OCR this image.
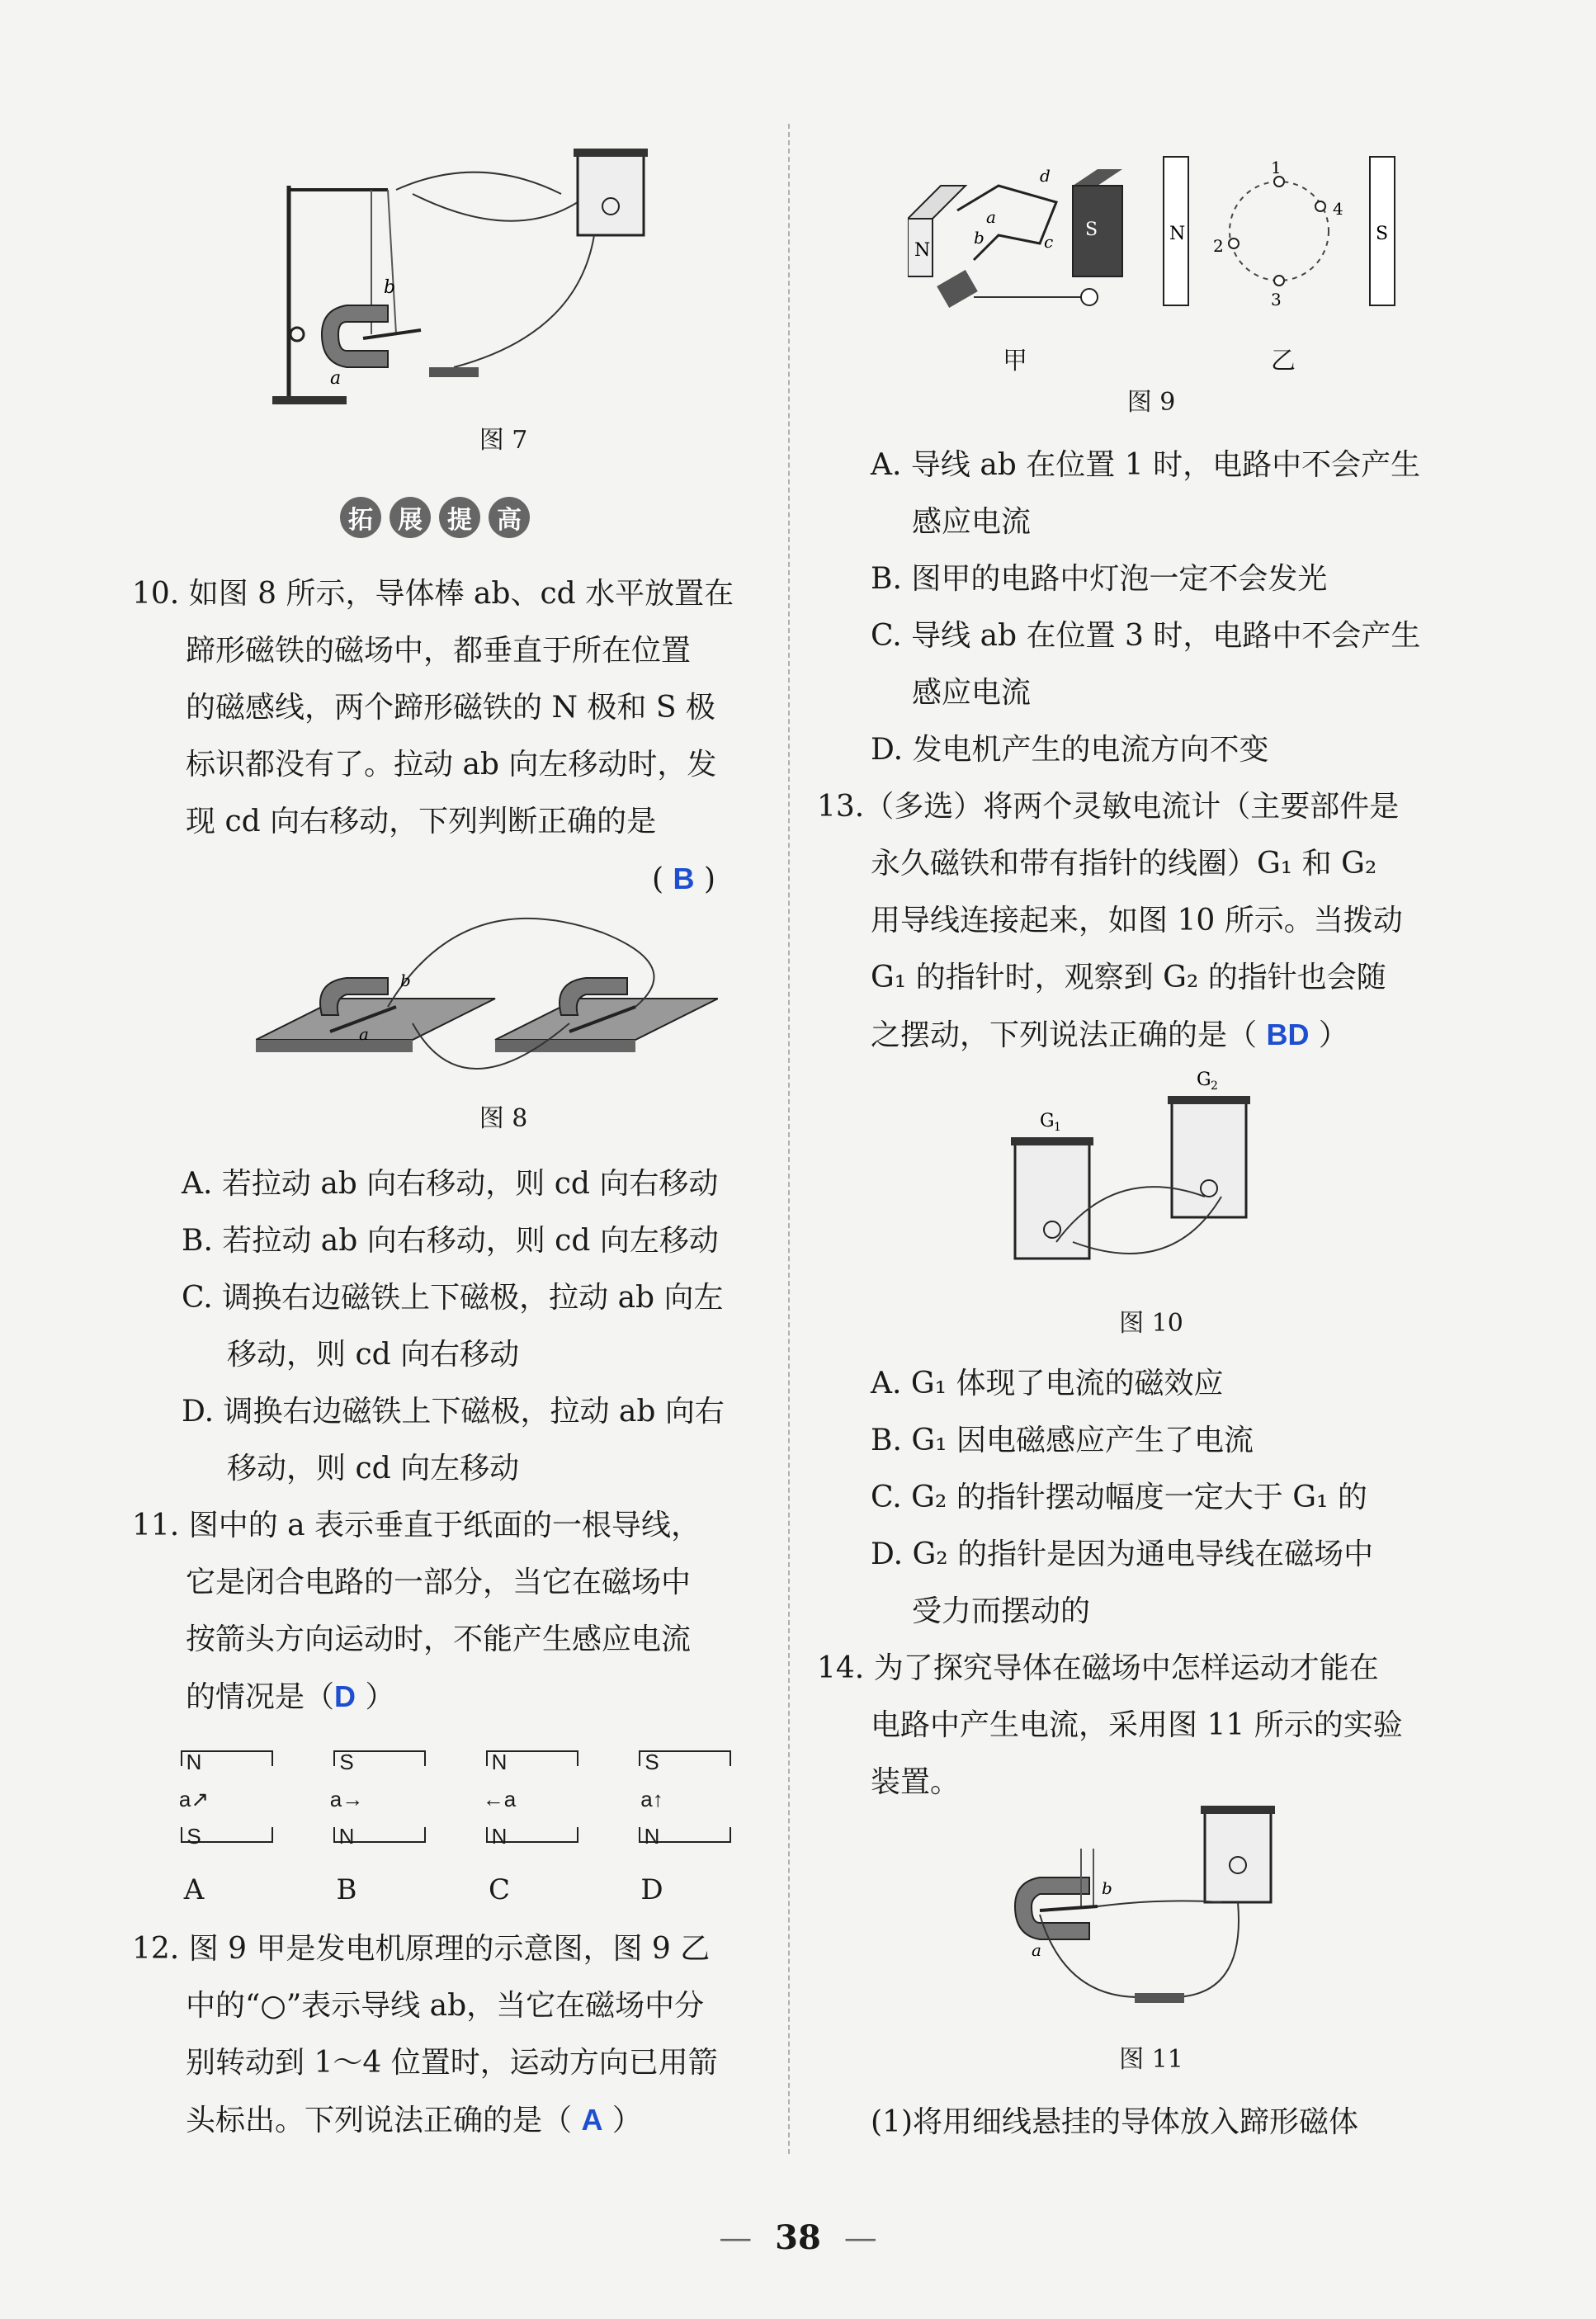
a
b
图 7
拓	展	提	高
10. 如图 8 所示，导体棒 ab、cd 水平放置在
蹄形磁铁的磁场中，都垂直于所在位置
的磁感线，两个蹄形磁铁的 N 极和 S 极
标识都没有了。拉动 ab 向左移动时，发
现 cd 向右移动，下列判断正确的是
( B )
a
b
图 8
A. 若拉动 ab 向右移动，则 cd 向右移动
B. 若拉动 ab 向右移动，则 cd 向左移动
C. 调换右边磁铁上下磁极，拉动 ab 向左
移动，则 cd 向右移动
D. 调换右边磁铁上下磁极，拉动 ab 向右
移动，则 cd 向左移动
11. 图中的 a 表示垂直于纸面的一根导线，
它是闭合电路的一部分，当它在磁场中
按箭头方向运动时，不能产生感应电流
的情况是（D ）
N
a↗
S
S
a→
N
N
←a
N
S
a↑
N
A	B	C	D
12. 图 9 甲是发电机原理的示意图，图 9 乙
中的“○”表示导线 ab，当它在磁场中分
别转动到 1～4 位置时，运动方向已用箭
头标出。下列说法正确的是（ A ）
N
S
d
a
b	c	N	S
1
4
3
2
甲	乙
图 9
A. 导线 ab 在位置 1 时，电路中不会产生
感应电流
B. 图甲的电路中灯泡一定不会发光
C. 导线 ab 在位置 3 时，电路中不会产生
感应电流
D. 发电机产生的电流方向不变
13.（多选）将两个灵敏电流计（主要部件是
永久磁铁和带有指针的线圈）G₁ 和 G₂
用导线连接起来，如图 10 所示。当拨动
G₁ 的指针时，观察到 G₂ 的指针也会随
之摆动，下列说法正确的是（ BD ）
G 1
G 2
图 10
A. G₁ 体现了电流的磁效应
B. G₁ 因电磁感应产生了电流
C. G₂ 的指针摆动幅度一定大于 G₁ 的
D. G₂ 的指针是因为通电导线在磁场中
受力而摆动的
14. 为了探究导体在磁场中怎样运动才能在
电路中产生电流，采用图 11 所示的实验
装置。
a
b
图 11
(1)将用细线悬挂的导体放入蹄形磁体
— 38 —
